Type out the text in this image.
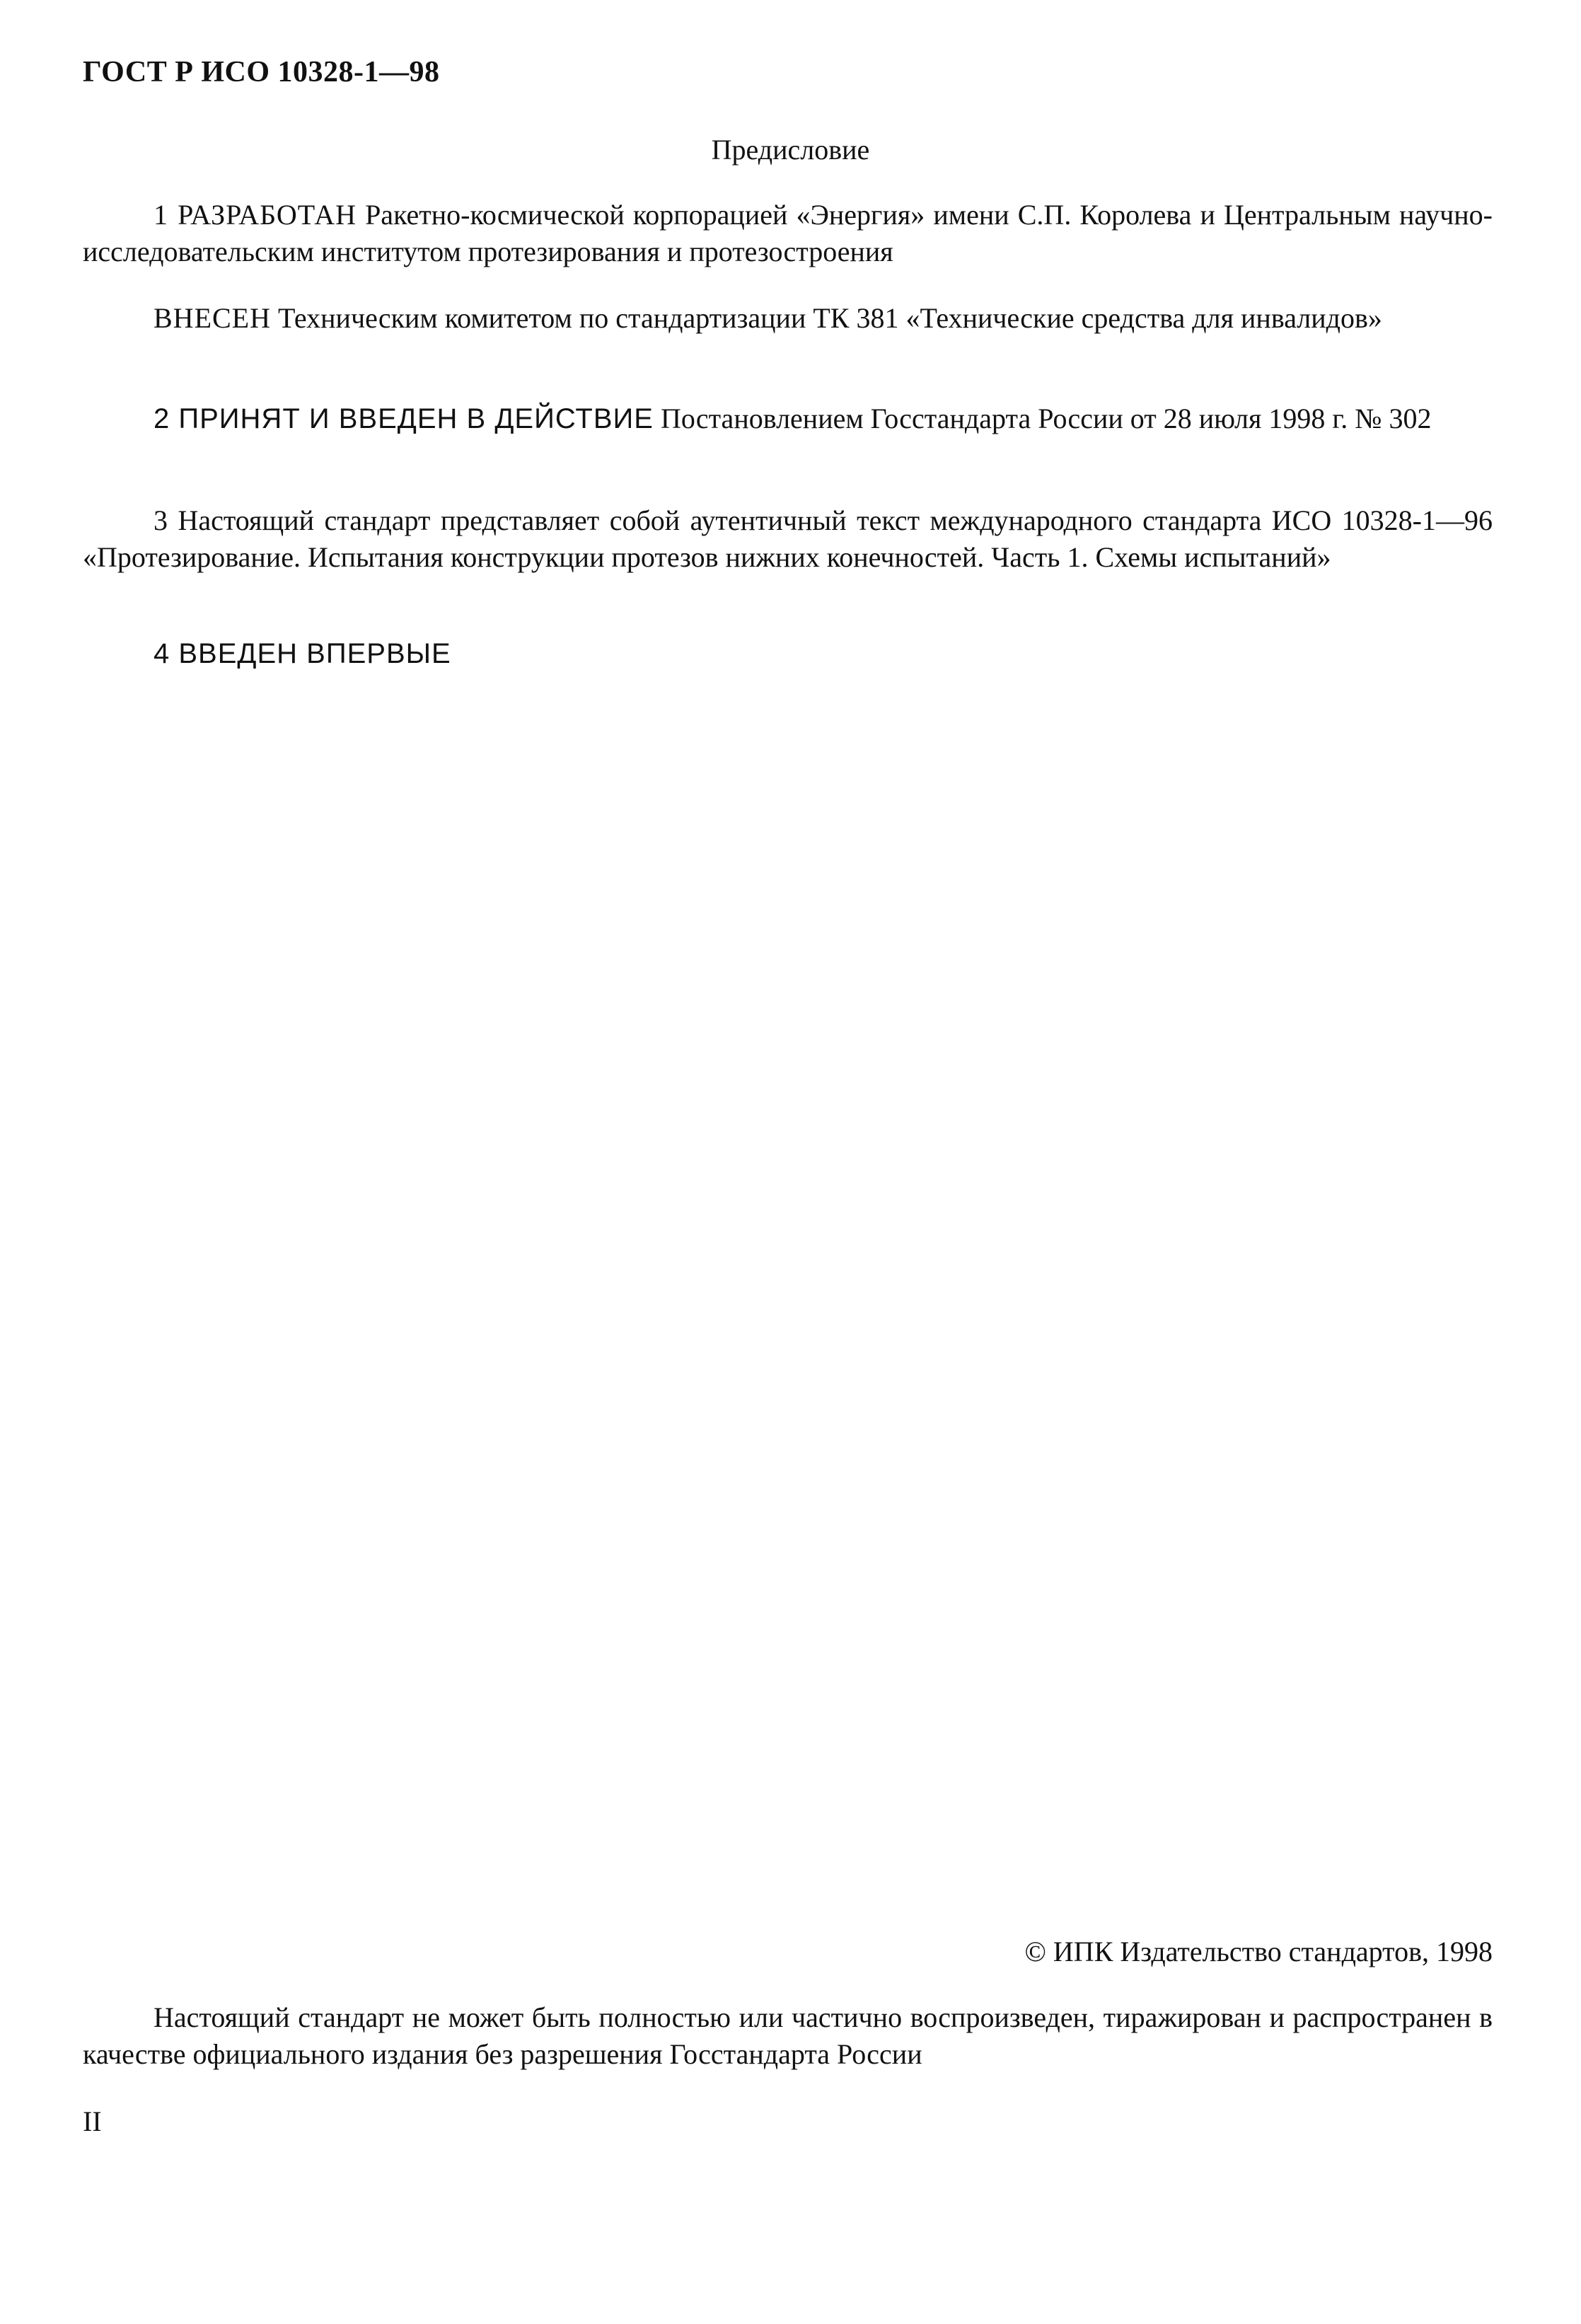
ГОСТ Р ИСО 10328-1—98
Предисловие

1 РАЗРАБОТАН Ракетно-космической корпорацией «Энергия» имени С.П. Королева и Центральным научно-исследовательским институтом протезирования и протезостроения

ВНЕСЕН Техническим комитетом по стандартизации ТК 381 «Технические средства для инвалидов»

2 ПРИНЯТ И ВВЕДЕН В ДЕЙСТВИЕ Постановлением Госстандарта России от 28 июля 1998 г. № 302

3 Настоящий стандарт представляет собой аутентичный текст международного стандарта ИСО 10328-1—96 «Протезирование. Испытания конструкции протезов нижних конечностей. Часть 1. Схемы испытаний»

4 ВВЕДЕН ВПЕРВЫЕ

© ИПК Издательство стандартов, 1998

Настоящий стандарт не может быть полностью или частично воспроизведен, тиражирован и распространен в качестве официального издания без разрешения Госстандарта России

II
